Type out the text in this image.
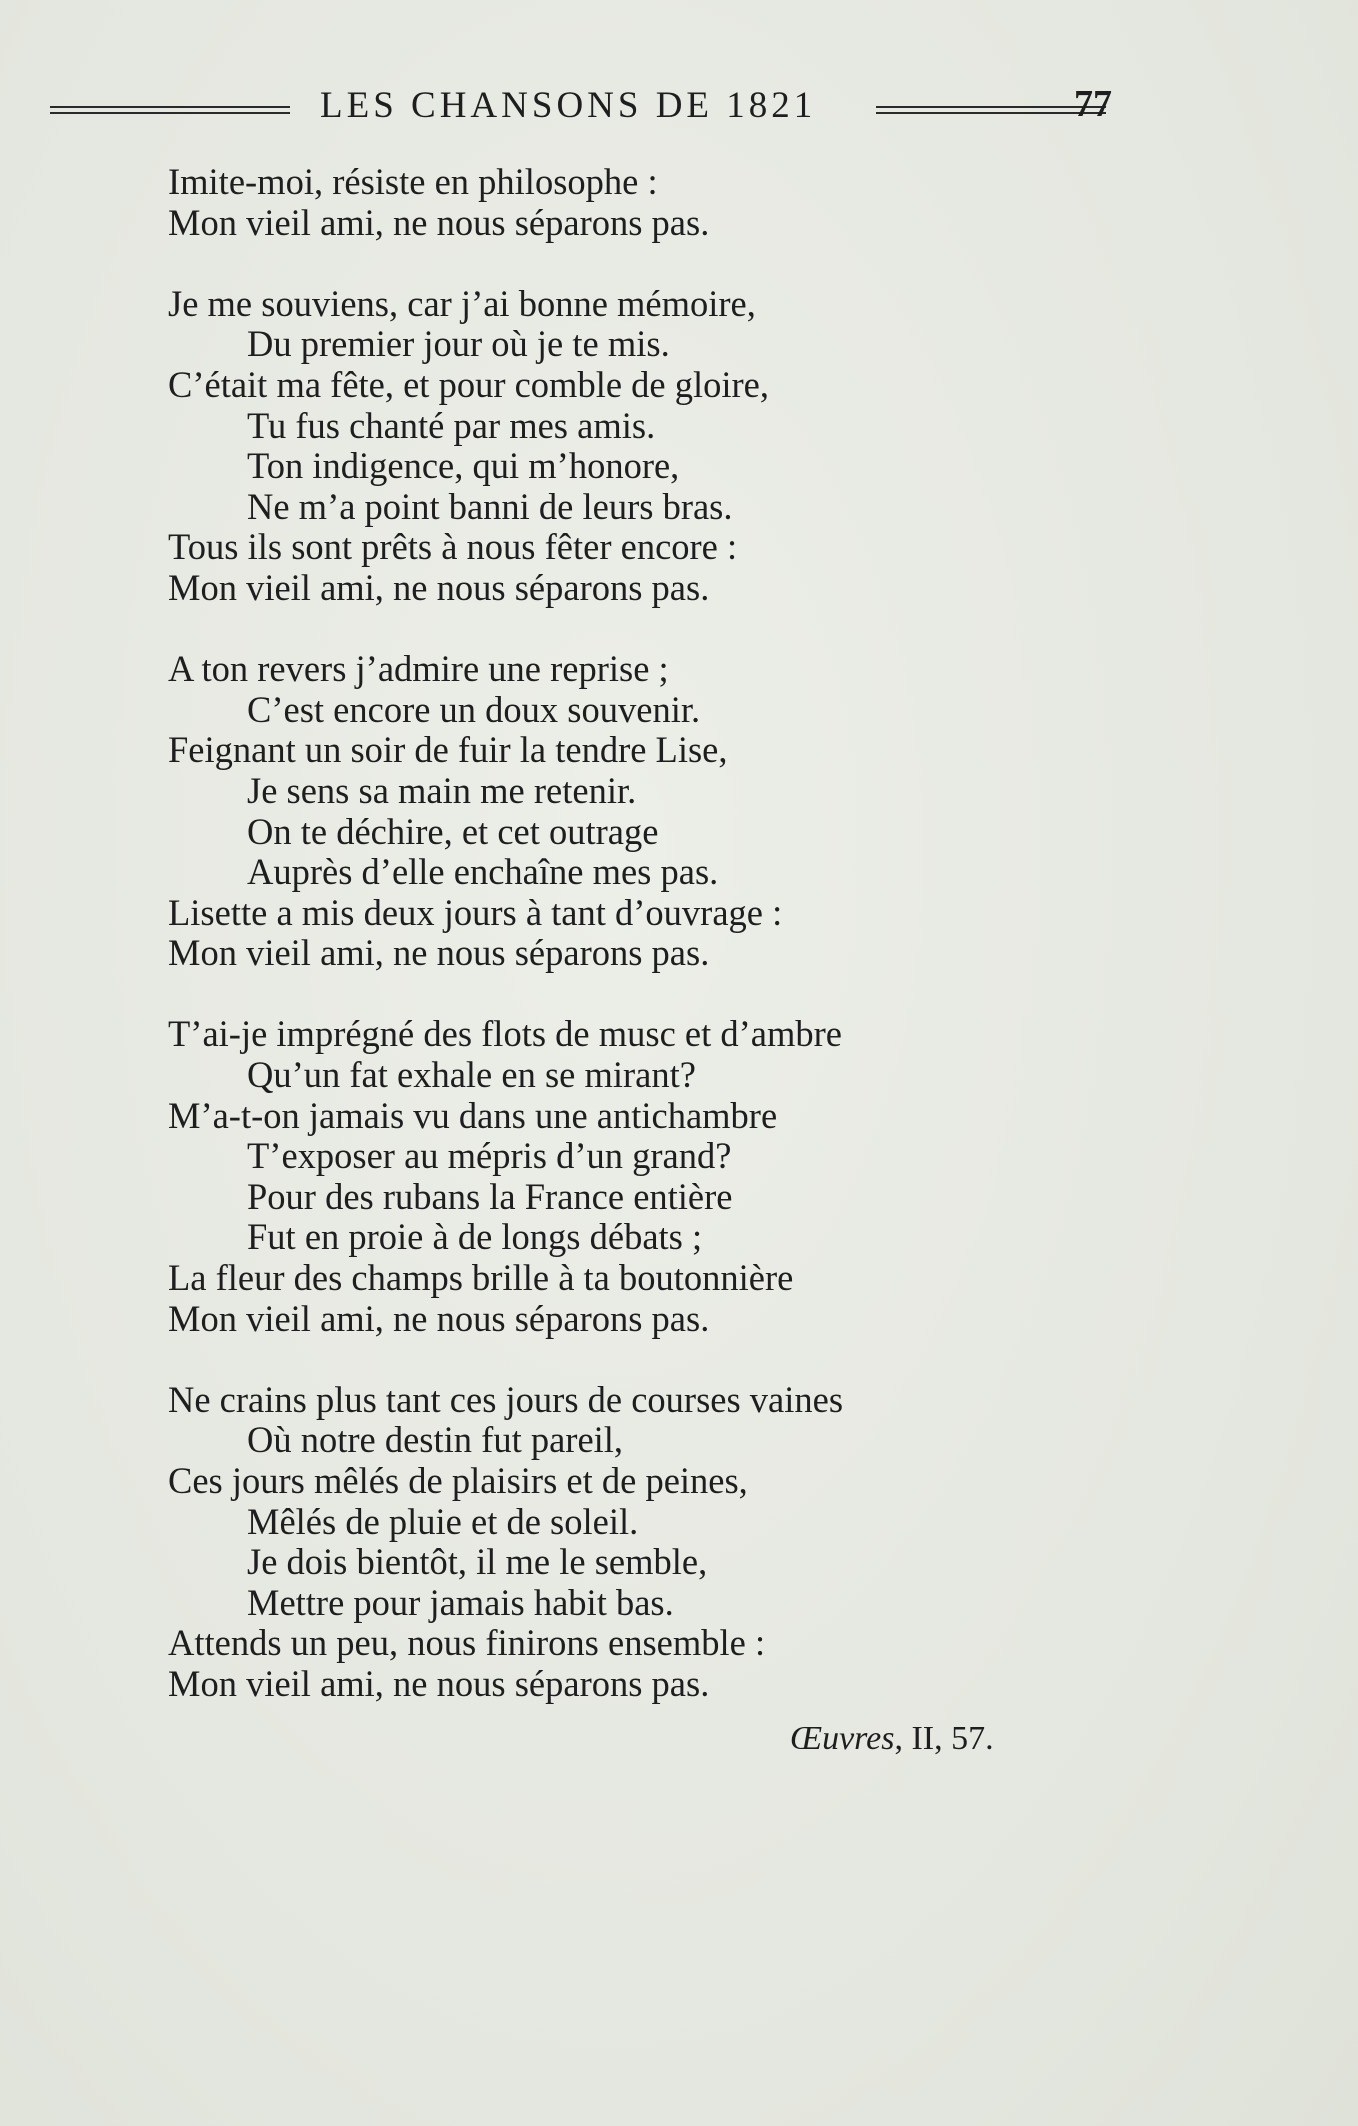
LES CHANSONS DE 1821	77
Imite-moi, résiste en philosophe :
Mon vieil ami, ne nous séparons pas.
Je me souviens, car j’ai bonne mémoire,
Du premier jour où je te mis.
C’était ma fête, et pour comble de gloire,
Tu fus chanté par mes amis.
Ton indigence, qui m’honore,
Ne m’a point banni de leurs bras.
Tous ils sont prêts à nous fêter encore :
Mon vieil ami, ne nous séparons pas.
A ton revers j’admire une reprise ;
C’est encore un doux souvenir.
Feignant un soir de fuir la tendre Lise,
Je sens sa main me retenir.
On te déchire, et cet outrage
Auprès d’elle enchaîne mes pas.
Lisette a mis deux jours à tant d’ouvrage :
Mon vieil ami, ne nous séparons pas.
T’ai-je imprégné des flots de musc et d’ambre
Qu’un fat exhale en se mirant?
M’a-t-on jamais vu dans une antichambre
T’exposer au mépris d’un grand?
Pour des rubans la France entière
Fut en proie à de longs débats ;
La fleur des champs brille à ta boutonnière
Mon vieil ami, ne nous séparons pas.
Ne crains plus tant ces jours de courses vaines
Où notre destin fut pareil,
Ces jours mêlés de plaisirs et de peines,
Mêlés de pluie et de soleil.
Je dois bientôt, il me le semble,
Mettre pour jamais habit bas.
Attends un peu, nous finirons ensemble :
Mon vieil ami, ne nous séparons pas.
Œuvres, II, 57.
